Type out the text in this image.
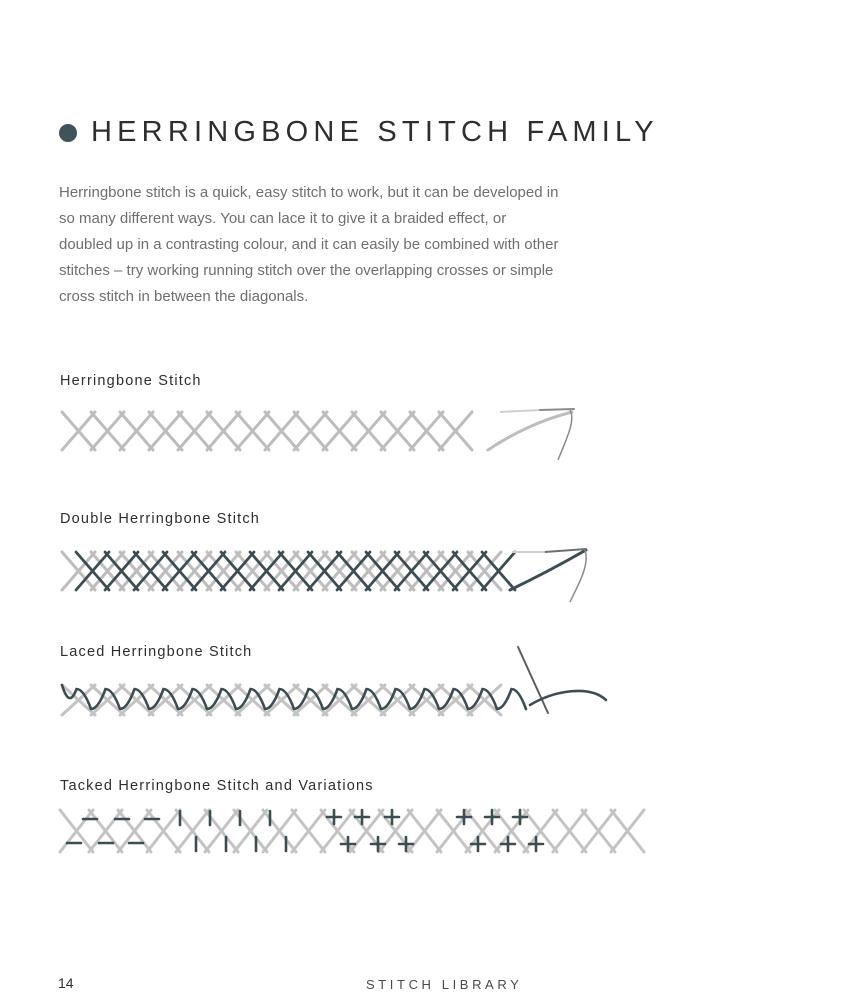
HERRINGBONE STITCH FAMILY

Herringbone stitch is a quick, easy stitch to work, but it can be developed in so many different ways. You can lace it to give it a braided effect, or doubled up in a contrasting colour, and it can easily be combined with other stitches – try working running stitch over the overlapping crosses or simple cross stitch in between the diagonals.

Herringbone Stitch
Double Herringbone Stitch
Laced Herringbone Stitch
Tacked Herringbone Stitch and Variations
14	STITCH LIBRARY
